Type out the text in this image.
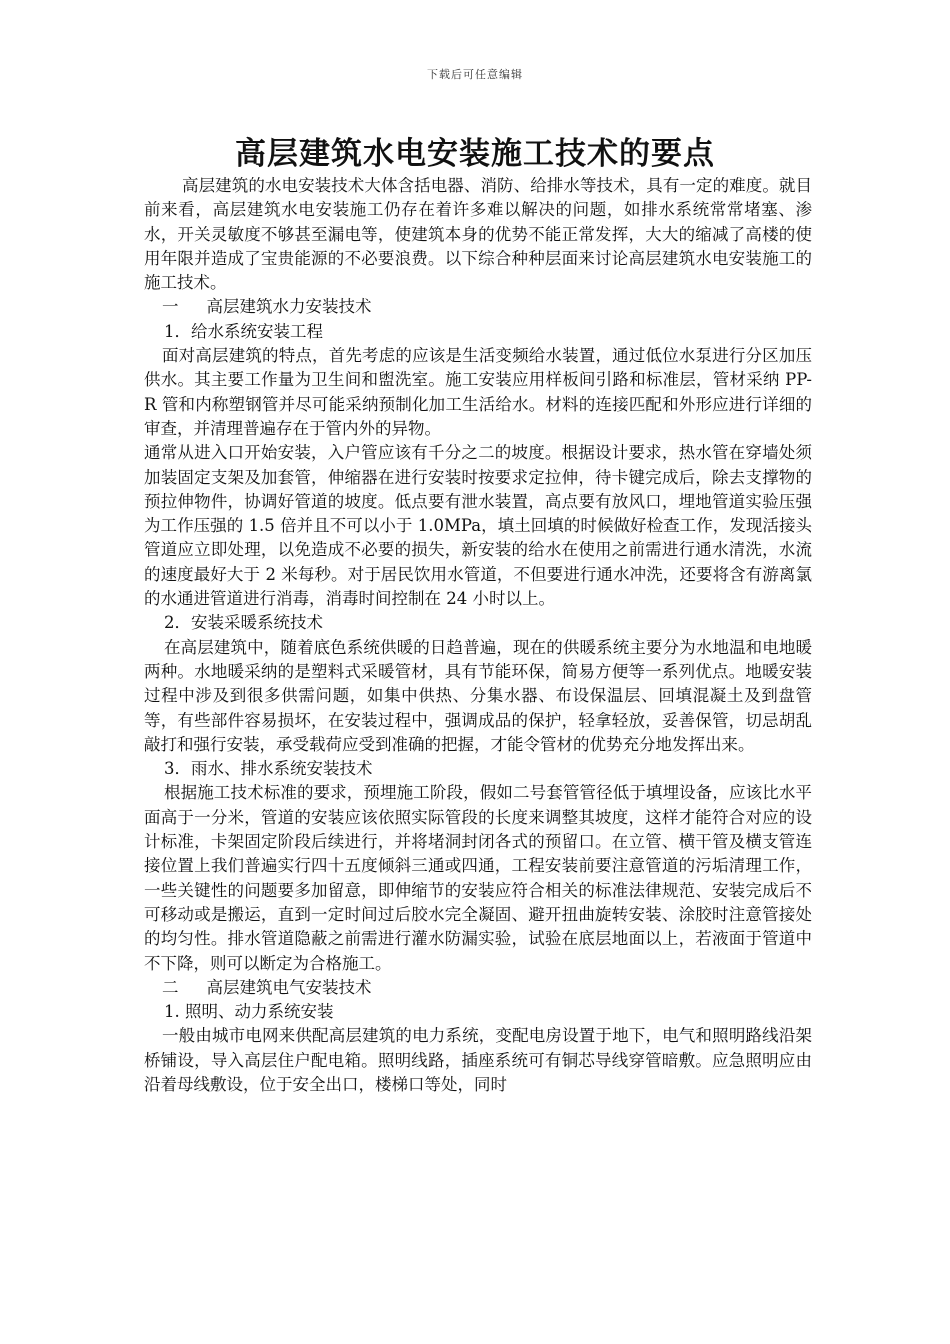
下载后可任意编辑
高层建筑水电安装施工技术的要点

高层建筑的水电安装技术大体含括电器、消防、给排水等技术，具有一定的难度。就目前来看，高层建筑水电安装施工仍存在着许多难以解决的问题，如排水系统常常堵塞、渗水，开关灵敏度不够甚至漏电等，使建筑本身的优势不能正常发挥，大大的缩减了高楼的使用年限并造成了宝贵能源的不必要浪费。以下综合种种层面来讨论高层建筑水电安装施工的施工技术。

一 高层建筑水力安装技术

1．给水系统安装工程

面对高层建筑的特点，首先考虑的应该是生活变频给水装置，通过低位水泵进行分区加压供水。其主要工作量为卫生间和盥洗室。施工安装应用样板间引路和标准层，管材采纳 PP- R 管和内称塑钢管并尽可能采纳预制化加工生活给水。材料的连接匹配和外形应进行详细的审查，并清理普遍存在于管内外的异物。

通常从进入口开始安装，入户管应该有千分之二的坡度。根据设计要求，热水管在穿墙处须加装固定支架及加套管，伸缩器在进行安装时按要求定拉伸，待卡键完成后，除去支撑物的预拉伸物件，协调好管道的坡度。低点要有泄水装置，高点要有放风口，埋地管道实验压强为工作压强的 1.5 倍并且不可以小于 1.0MPa，填土回填的时候做好检查工作，发现活接头管道应立即处理，以免造成不必要的损失，新安装的给水在使用之前需进行通水清洗，水流的速度最好大于 2 米每秒。对于居民饮用水管道，不但要进行通水冲洗，还要将含有游离氯的水通进管道进行消毒，消毒时间控制在 24 小时以上。

2．安装采暖系统技术

在高层建筑中，随着底色系统供暖的日趋普遍，现在的供暖系统主要分为水地温和电地暖两种。水地暖采纳的是塑料式采暖管材，具有节能环保，简易方便等一系列优点。地暖安装过程中涉及到很多供需问题，如集中供热、分集水器、布设保温层、回填混凝土及到盘管等，有些部件容易损坏，在安装过程中，强调成品的保护，轻拿轻放，妥善保管，切忌胡乱敲打和强行安装，承受载荷应受到准确的把握，才能令管材的优势充分地发挥出来。

3．雨水、排水系统安装技术

根据施工技术标准的要求，预埋施工阶段，假如二号套管管径低于填埋设备，应该比水平面高于一分米，管道的安装应该依照实际管段的长度来调整其坡度，这样才能符合对应的设计标准，卡架固定阶段后续进行，并将堵洞封闭各式的预留口。在立管、横干管及横支管连接位置上我们普遍实行四十五度倾斜三通或四通，工程安装前要注意管道的污垢清理工作，一些关键性的问题要多加留意，即伸缩节的安装应符合相关的标准法律规范、安装完成后不可移动或是搬运，直到一定时间过后胶水完全凝固、避开扭曲旋转安装、涂胶时注意管接处的均匀性。排水管道隐蔽之前需进行灌水防漏实验，试验在底层地面以上，若液面于管道中不下降，则可以断定为合格施工。

二 高层建筑电气安装技术

1. 照明、动力系统安装

一般由城市电网来供配高层建筑的电力系统，变配电房设置于地下，电气和照明路线沿架桥铺设，导入高层住户配电箱。照明线路，插座系统可有铜芯导线穿管暗敷。应急照明应由沿着母线敷设，位于安全出口，楼梯口等处，同时
